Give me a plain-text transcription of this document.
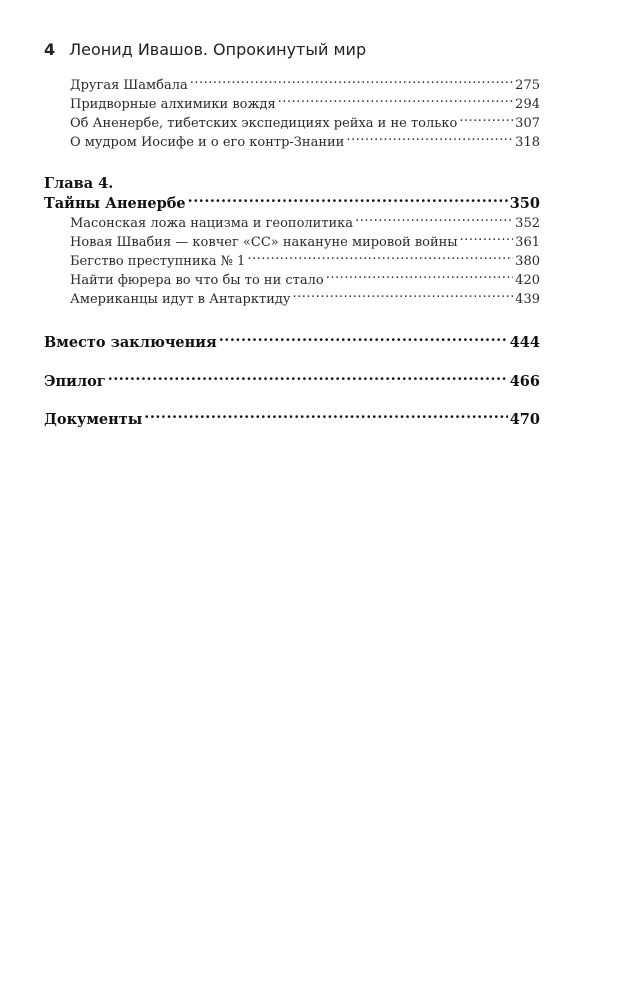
4 Леонид Ивашов. Опрокинутый мир
Другая Шамбала .....	275
Придворные алхимики вождя .....	294
Об Аненербе, тибетских экспедициях рейха и не только .....	307
О мудром Иосифе и о его контр-Знании .....	318
Глава 4.
Тайны Аненербе .....	350
Масонская ложа нацизма и геополитика .....	352
Новая Швабия — ковчег «СС» накануне мировой войны .....	361
Бегство преступника № 1 .....	380
Найти фюрера во что бы то ни стало .....	420
Американцы идут в Антарктиду .....	439
Вместо заключения .....	444
Эпилог .....	466
Документы .....	470
